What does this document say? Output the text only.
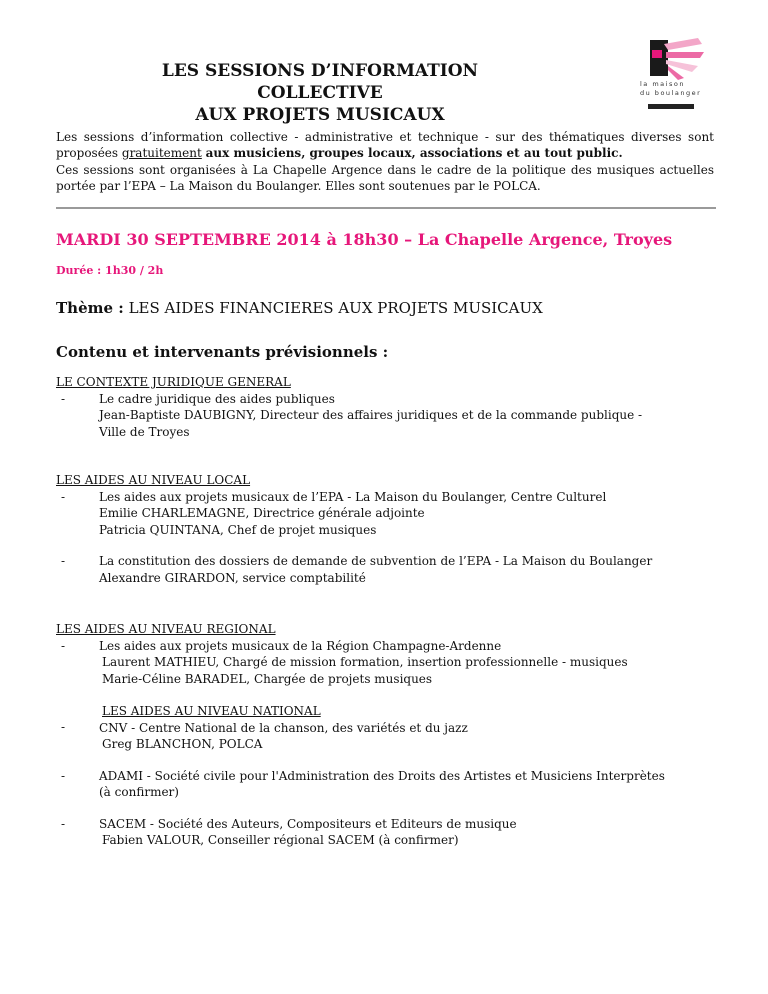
LES SESSIONS D’INFORMATION COLLECTIVE
AUX PROJETS MUSICAUX
la maison
du boulanger

Les sessions d’information collective - administrative et technique - sur des thématiques diverses sont proposées gratuitement aux musiciens, groupes locaux, associations et au tout public.

Ces sessions sont organisées à La Chapelle Argence dans le cadre de la politique des musiques actuelles portée par l’EPA – La Maison du Boulanger. Elles sont soutenues par le POLCA.

MARDI 30 SEPTEMBRE 2014 à 18h30 – La Chapelle Argence, Troyes
Durée : 1h30 / 2h
Thème : LES AIDES FINANCIERES AUX PROJETS MUSICAUX
Contenu et intervenants prévisionnels :
LE CONTEXTE JURIDIQUE GENERAL
-	Le cadre juridique des aides publiques
Jean-Baptiste DAUBIGNY, Directeur des affaires juridiques et de la commande publique -
Ville de Troyes
LES AIDES AU NIVEAU LOCAL
-	Les aides aux projets musicaux de l’EPA - La Maison du Boulanger, Centre Culturel
Emilie CHARLEMAGNE, Directrice générale adjointe
Patricia QUINTANA, Chef de projet musiques
-	La constitution des dossiers de demande de subvention de l’EPA - La Maison du Boulanger
Alexandre GIRARDON, service comptabilité
LES AIDES AU NIVEAU REGIONAL
-	Les aides aux projets musicaux de la Région Champagne-Ardenne
Laurent MATHIEU, Chargé de mission formation, insertion professionnelle - musiques
Marie-Céline BARADEL, Chargée de projets musiques
-
LES AIDES AU NIVEAU NATIONAL
CNV - Centre National de la chanson, des variétés et du jazz
Greg BLANCHON, POLCA
-	ADAMI - Société civile pour l'Administration des Droits des Artistes et Musiciens Interprètes
(à confirmer)
-	SACEM - Société des Auteurs, Compositeurs et Editeurs de musique
Fabien VALOUR, Conseiller régional SACEM (à confirmer)
